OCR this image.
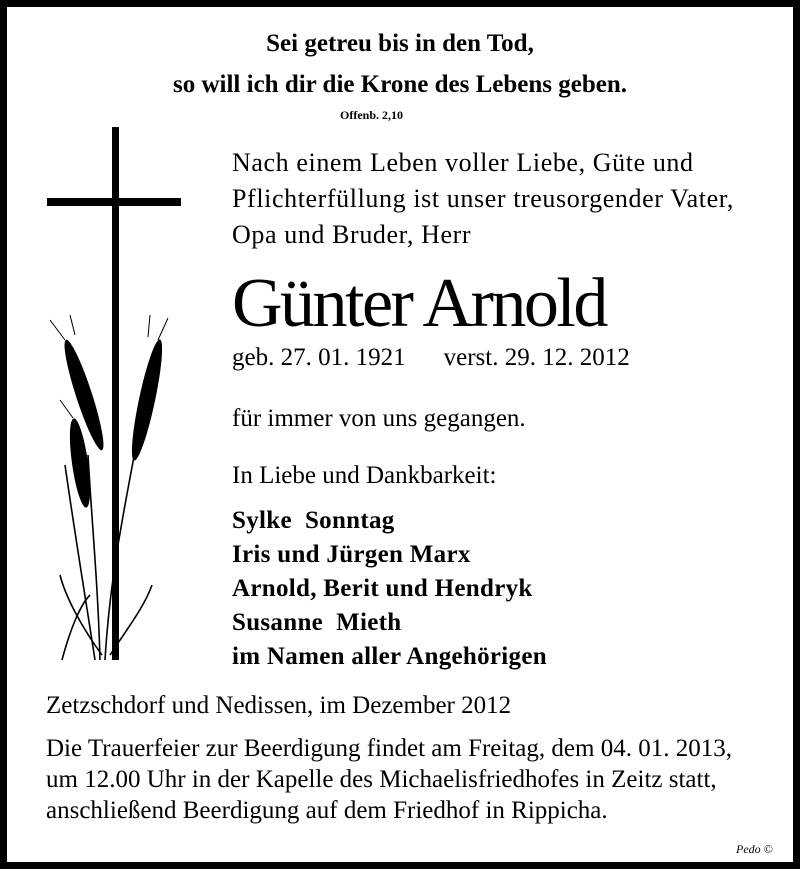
Sei getreu bis in den Tod,
so will ich dir die Krone des Lebens geben.
Offenb. 2,10
Nach einem Leben voller Liebe, Güte und
Pflichterfüllung ist unser treusorgender Vater,
Opa und Bruder, Herr
Günter Arnold
geb. 27. 01. 1921 verst. 29. 12. 2012
für immer von uns gegangen.
In Liebe und Dankbarkeit:
Sylke  Sonntag
Iris und Jürgen Marx
Arnold, Berit und Hendryk
Susanne  Mieth
im Namen aller Angehörigen
Zetzschdorf und Nedissen, im Dezember 2012
Die Trauerfeier zur Beerdigung findet am Freitag, dem 04. 01. 2013,
um 12.00 Uhr in der Kapelle des Michaelisfriedhofes in Zeitz statt,
anschließend Beerdigung auf dem Friedhof in Rippicha.
Pedo ©
